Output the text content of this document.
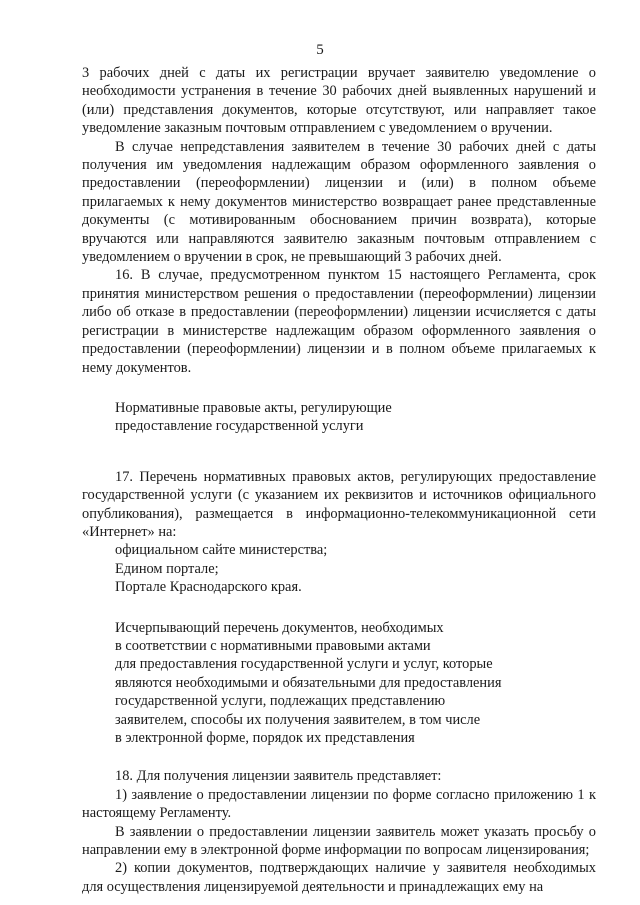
5

3 рабочих дней с даты их регистрации вручает заявителю уведомление о необходимости устранения в течение 30 рабочих дней выявленных нарушений и (или) представления документов, которые отсутствуют, или направляет такое уведомление заказным почтовым отправлением с уведомлением о вручении.

В случае непредставления заявителем в течение 30 рабочих дней с даты получения им уведомления надлежащим образом оформленного заявления о предоставлении (переоформлении) лицензии и (или) в полном объеме прилагаемых к нему документов министерство возвращает ранее представленные документы (с мотивированным обоснованием причин возврата), которые вручаются или направляются заявителю заказным почтовым отправлением с уведомлением о вручении в срок, не превышающий 3 рабочих дней.

16. В случае, предусмотренном пунктом 15 настоящего Регламента, срок принятия министерством решения о предоставлении (переоформлении) лицензии либо об отказе в предоставлении (переоформлении) лицензии исчисляется с даты регистрации в министерстве надлежащим образом оформленного заявления о предоставлении (переоформлении) лицензии и в полном объеме прилагаемых к нему документов.

Нормативные правовые акты, регулирующие
предоставление государственной услуги

17. Перечень нормативных правовых актов, регулирующих предоставление государственной услуги (с указанием их реквизитов и источников официального опубликования), размещается в информационно-телекоммуникационной сети «Интернет» на:

официальном сайте министерства;

Едином портале;

Портале Краснодарского края.

Исчерпывающий перечень документов, необходимых
в соответствии с нормативными правовыми актами
для предоставления государственной услуги и услуг, которые
являются необходимыми и обязательными для предоставления
государственной услуги, подлежащих представлению
заявителем, способы их получения заявителем, в том числе
в электронной форме, порядок их представления

18. Для получения лицензии заявитель представляет:

1) заявление о предоставлении лицензии по форме согласно приложению 1 к настоящему Регламенту.

В заявлении о предоставлении лицензии заявитель может указать просьбу о направлении ему в электронной форме информации по вопросам лицензирования;

2) копии документов, подтверждающих наличие у заявителя необходимых для осуществления лицензируемой деятельности и принадлежащих ему на
